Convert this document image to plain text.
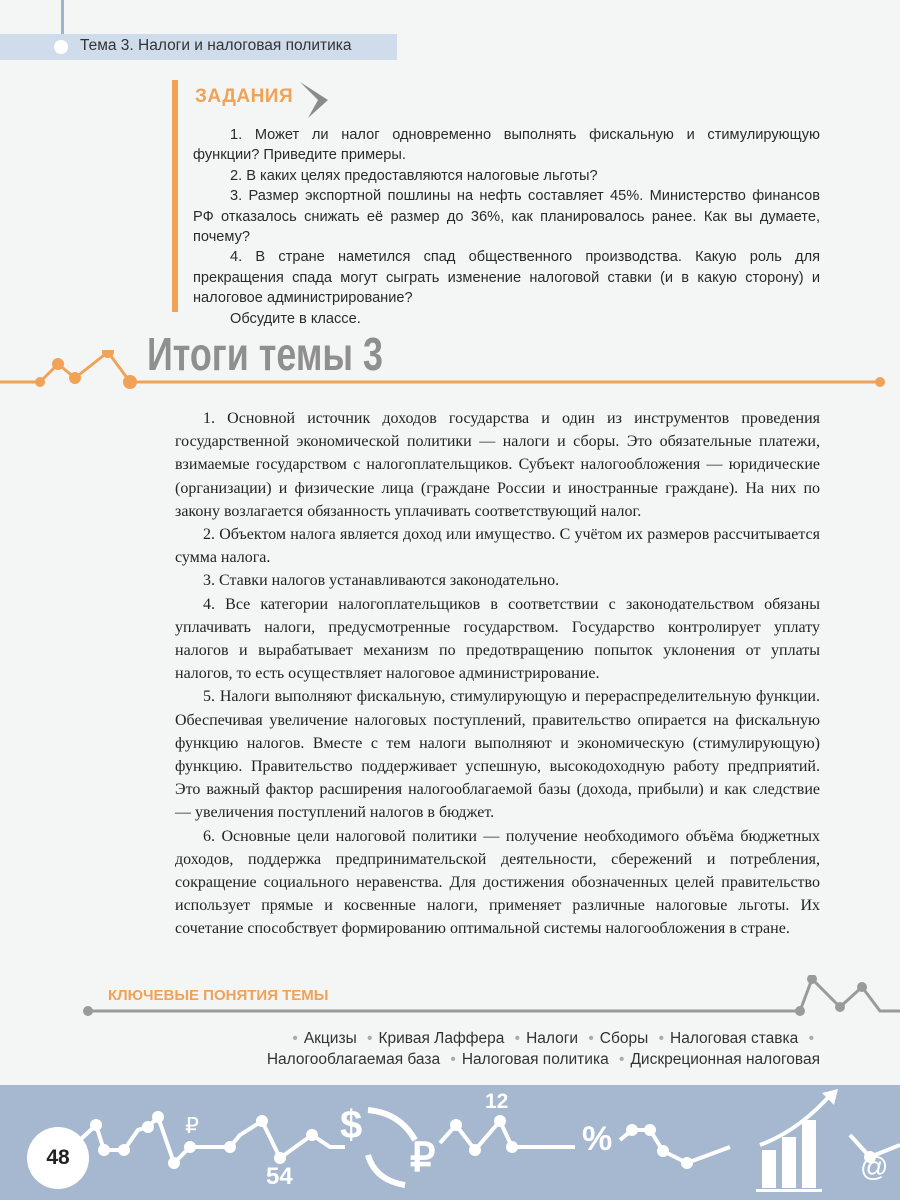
Тема 3. Налоги и налоговая политика
ЗАДАНИЯ

1. Может ли налог одновременно выполнять фискальную и стимулирующую функции? Приведите примеры.

2. В каких целях предоставляются налоговые льготы?

3. Размер экспортной пошлины на нефть составляет 45%. Министерство финансов РФ отказалось снижать её размер до 36%, как планировалось ранее. Как вы думаете, почему?

4. В стране наметился спад общественного производства. Какую роль для прекращения спада могут сыграть изменение налоговой ставки (и в какую сторону) и налоговое администрирование?

Обсудите в классе.

Итоги темы 3

1. Основной источник доходов государства и один из инструментов проведения государственной экономической политики — налоги и сборы. Это обязательные платежи, взимаемые государством с налогоплательщиков. Субъект налогообложения — юридические (организации) и физические лица (граждане России и иностранные граждане). На них по закону возлагается обязанность уплачивать соответствующий налог.

2. Объектом налога является доход или имущество. С учётом их размеров рассчитывается сумма налога.

3. Ставки налогов устанавливаются законодательно.

4. Все категории налогоплательщиков в соответствии с законодательством обязаны уплачивать налоги, предусмотренные государством. Государство контролирует уплату налогов и вырабатывает механизм по предотвращению попыток уклонения от уплаты налогов, то есть осуществляет налоговое администрирование.

5. Налоги выполняют фискальную, стимулирующую и перераспределительную функции. Обеспечивая увеличение налоговых поступлений, правительство опирается на фискальную функцию налогов. Вместе с тем налоги выполняют и экономическую (стимулирующую) функцию. Правительство поддерживает успешную, высокодоходную работу предприятий. Это важный фактор расширения налогооблагаемой базы (дохода, прибыли) и как следствие — увеличения поступлений налогов в бюджет.

6. Основные цели налоговой политики — получение необходимого объёма бюджетных доходов, поддержка предпринимательской деятельности, сбережений и потребления, сокращение социального неравенства. Для достижения обозначенных целей правительство использует прямые и косвенные налоги, применяет различные налоговые льготы. Их сочетание способствует формированию оптимальной системы налогообложения в стране.

КЛЮЧЕВЫЕ ПОНЯТИЯ ТЕМЫ
• Акцизы • Кривая Лаффера • Налоги • Сборы • Налоговая ставка •
Налогооблагаемая база • Налоговая политика • Дискреционная налоговая
₽
54
$
₽
12
%
@
48
